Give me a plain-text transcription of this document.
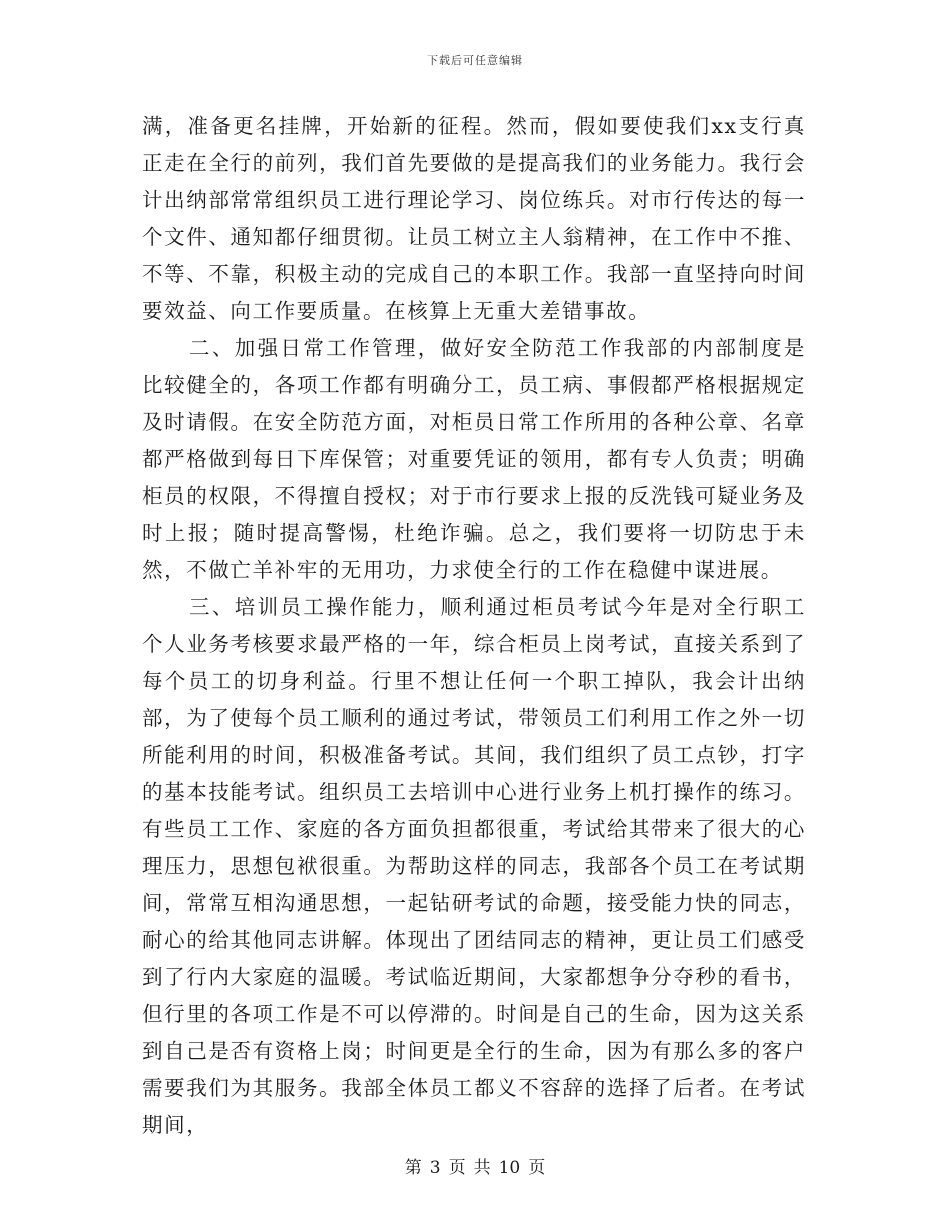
下载后可任意编辑

满，准备更名挂牌，开始新的征程。然而，假如要使我们xx支行真正走在全行的前列，我们首先要做的是提高我们的业务能力。我行会计出纳部常常组织员工进行理论学习、岗位练兵。对市行传达的每一个文件、通知都仔细贯彻。让员工树立主人翁精神，在工作中不推、不等、不靠，积极主动的完成自己的本职工作。我部一直坚持向时间要效益、向工作要质量。在核算上无重大差错事故。

二、加强日常工作管理，做好安全防范工作我部的内部制度是比较健全的，各项工作都有明确分工，员工病、事假都严格根据规定及时请假。在安全防范方面，对柜员日常工作所用的各种公章、名章都严格做到每日下库保管；对重要凭证的领用，都有专人负责；明确柜员的权限，不得擅自授权；对于市行要求上报的反洗钱可疑业务及时上报；随时提高警惕，杜绝诈骗。总之，我们要将一切防忠于未然，不做亡羊补牢的无用功，力求使全行的工作在稳健中谋进展。

三、培训员工操作能力，顺利通过柜员考试今年是对全行职工个人业务考核要求最严格的一年，综合柜员上岗考试，直接关系到了每个员工的切身利益。行里不想让任何一个职工掉队，我会计出纳部，为了使每个员工顺利的通过考试，带领员工们利用工作之外一切所能利用的时间，积极准备考试。其间，我们组织了员工点钞，打字的基本技能考试。组织员工去培训中心进行业务上机打操作的练习。有些员工工作、家庭的各方面负担都很重，考试给其带来了很大的心理压力，思想包袱很重。为帮助这样的同志，我部各个员工在考试期间，常常互相沟通思想，一起钻研考试的命题，接受能力快的同志，耐心的给其他同志讲解。体现出了团结同志的精神，更让员工们感受到了行内大家庭的温暖。考试临近期间，大家都想争分夺秒的看书，但行里的各项工作是不可以停滞的。时间是自己的生命，因为这关系到自己是否有资格上岗；时间更是全行的生命，因为有那么多的客户需要我们为其服务。我部全体员工都义不容辞的选择了后者。在考试期间，

第 3 页 共 10 页
